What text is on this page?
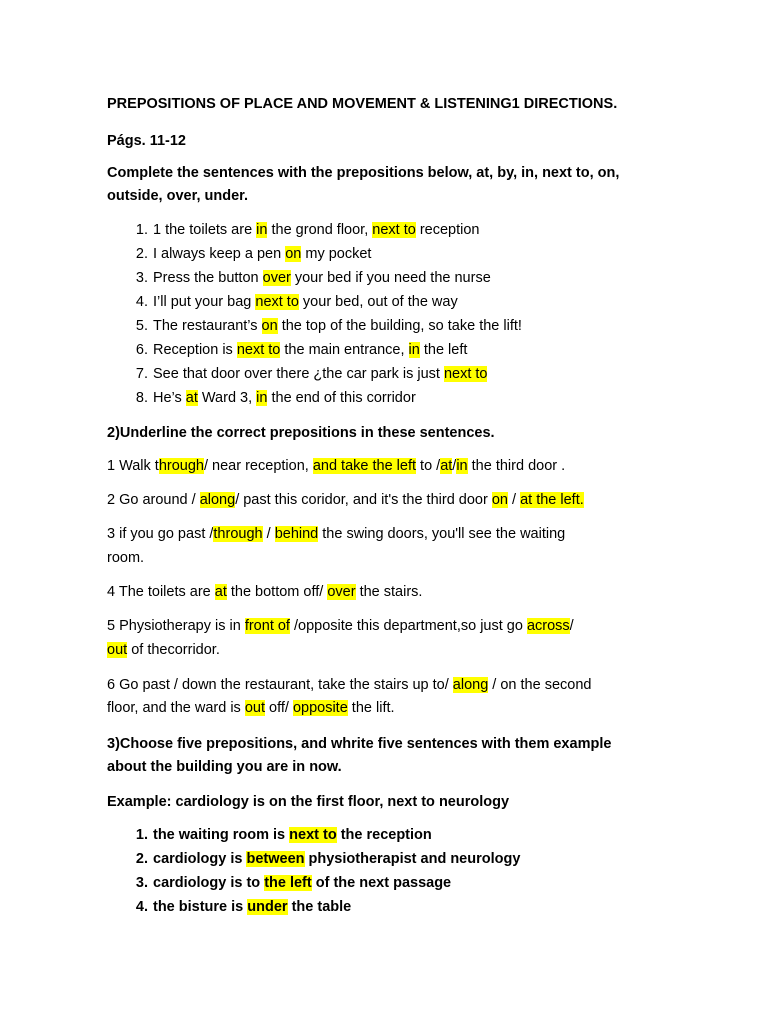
PREPOSITIONS OF PLACE AND MOVEMENT & LISTENING1 DIRECTIONS.
Págs. 11-12
Complete the sentences with the prepositions below, at, by, in, next to, on,
outside, over, under.
1. 1 the toilets are in the grond floor, next to reception
2. I always keep a pen on my pocket
3. Press the button over your bed if you need the nurse
4. I’ll put your bag next to your bed, out of the way
5. The restaurant’s on the top of the building, so take the lift!
6. Reception is next to the main entrance, in the left
7. See that door over there ¿the car park is just next to
8. He’s at Ward 3, in the end of this corridor
2)Underline the correct prepositions in these sentences.
1 Walk through/ near reception, and take the left to /at/in the third door .
2 Go around / along/ past this coridor, and it's the third door on / at the left.
3 if you go past /through / behind the swing doors, you'll see the waiting
room.
4 The toilets are at the bottom off/ over the stairs.
5 Physiotherapy is in front of /opposite this department,so just go across/
out of thecorridor.
6 Go past / down the restaurant, take the stairs up to/ along / on the second
floor, and the ward is out off/ opposite the lift.
3)Choose five prepositions, and whrite five sentences with them example
about the building you are in now.
Example: cardiology is on the first floor, next to neurology
1. the waiting room is next to the reception
2. cardiology is between physiotherapist and neurology
3. cardiology is to the left of the next passage
4. the bisture is under the table
